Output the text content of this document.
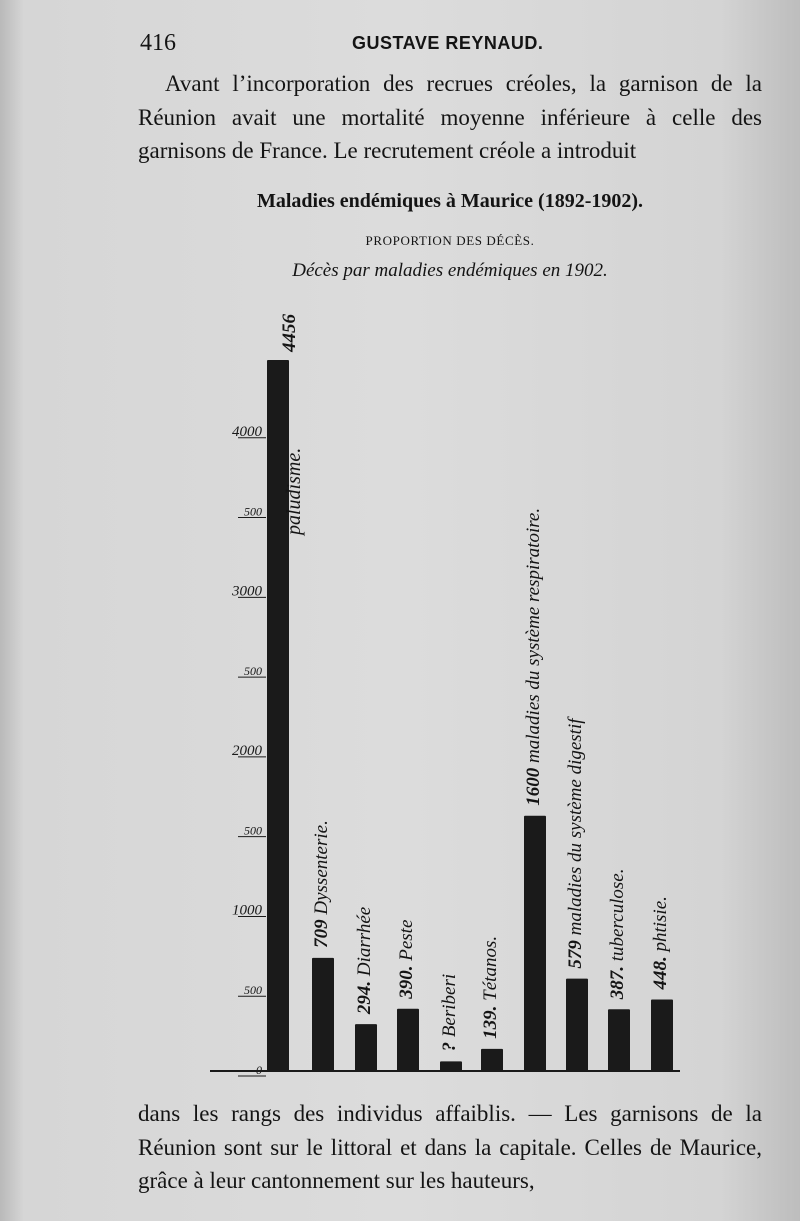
416	GUSTAVE REYNAUD.
Avant l’incorporation des recrues créoles, la garnison de la Réunion avait une mortalité moyenne inférieure à celle des garnisons de France. Le recrutement créole a introduit
Maladies endémiques à Maurice (1892-1902).
PROPORTION DES DÉCÈS.
Décès par maladies endémiques en 1902.
0
500
1000
500
2000
500
3000
500
4000
4456
709 Dyssenterie.
294. Diarrhée
390. Peste
? Beriberi 139. Tétanos.
1600 maladies du système respiratoire.
579 maladies du système digestif
387. tuberculose.
448. phtisie.
paludisme.
dans les rangs des individus affaiblis. — Les garnisons de la Réunion sont sur le littoral et dans la capitale. Celles de Maurice, grâce à leur cantonnement sur les hauteurs,
